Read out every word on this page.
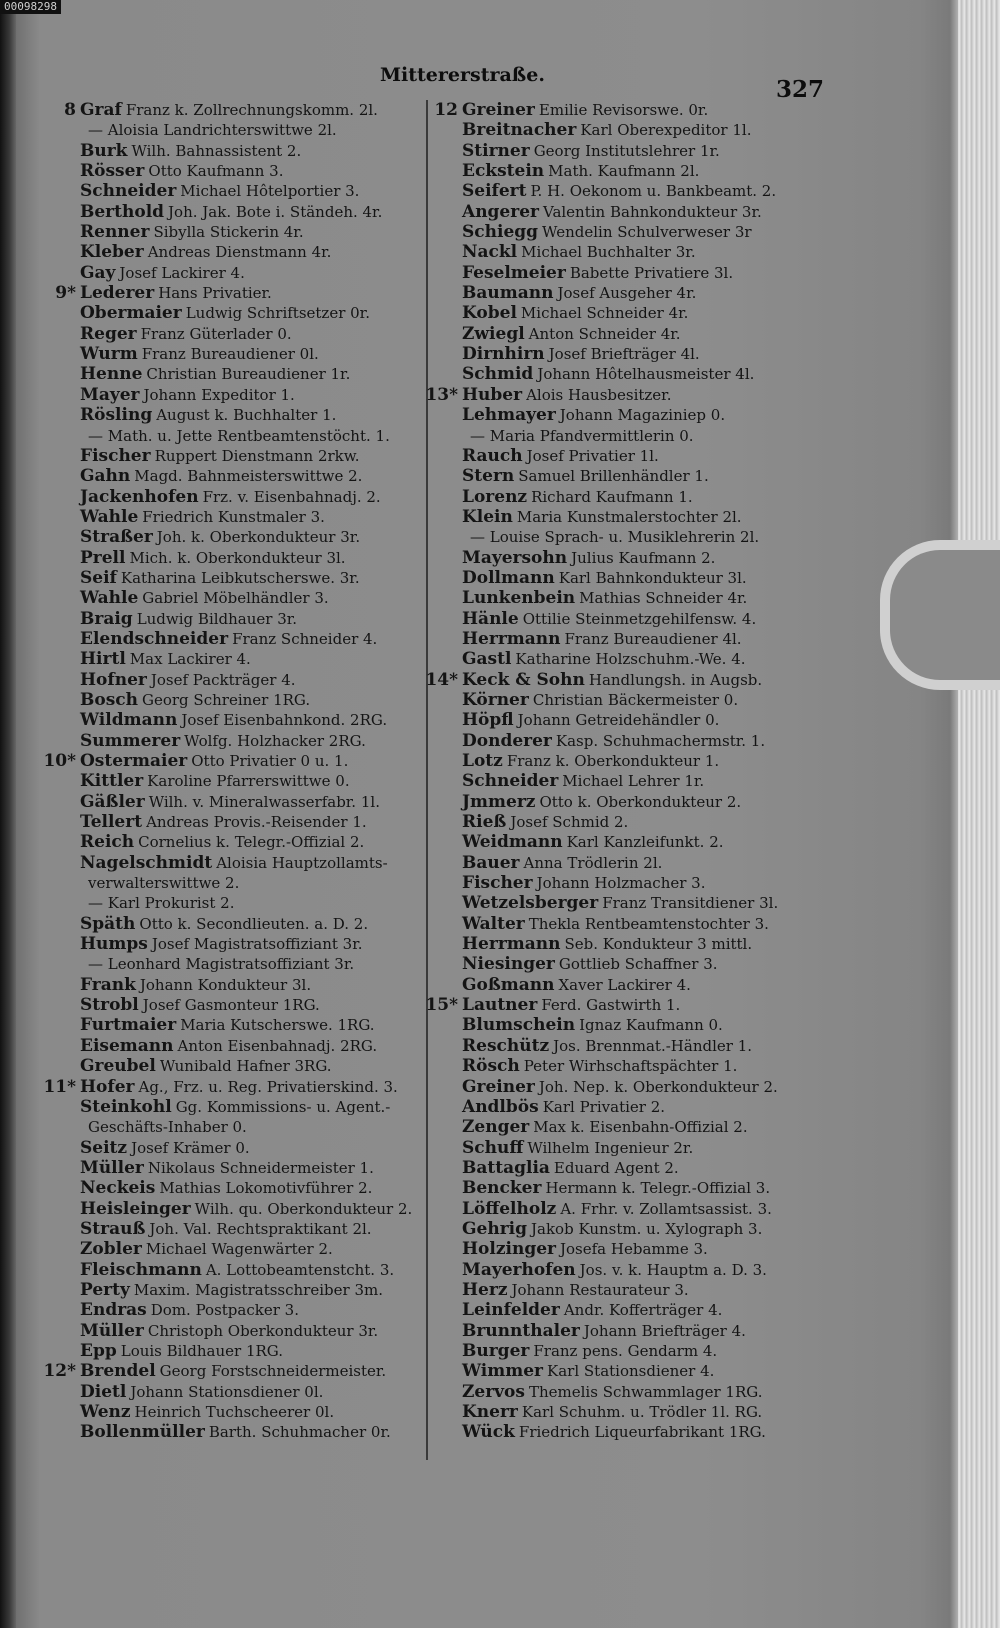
00098298
Mittererstraße.
327
8 Graf Franz k. Zollrechnungskomm. 2l.
— Aloisia Landrichterswittwe 2l.
Burk Wilh. Bahnassistent 2.
Rösser Otto Kaufmann 3.
Schneider Michael Hôtelportier 3.
Berthold Joh. Jak. Bote i. Ständeh. 4r.
Renner Sibylla Stickerin 4r.
Kleber Andreas Dienstmann 4r.
Gay Josef Lackirer 4.
9* Lederer Hans Privatier.
Obermaier Ludwig Schriftsetzer 0r.
Reger Franz Güterlader 0.
Wurm Franz Bureaudiener 0l.
Henne Christian Bureaudiener 1r.
Mayer Johann Expeditor 1.
Rösling August k. Buchhalter 1.
— Math. u. Jette Rentbeamtenstöcht. 1.
Fischer Ruppert Dienstmann 2rkw.
Gahn Magd. Bahnmeisterswittwe 2.
Jackenhofen Frz. v. Eisenbahnadj. 2.
Wahle Friedrich Kunstmaler 3.
Straßer Joh. k. Oberkondukteur 3r.
Prell Mich. k. Oberkondukteur 3l.
Seif Katharina Leibkutscherswe. 3r.
Wahle Gabriel Möbelhändler 3.
Braig Ludwig Bildhauer 3r.
Elendschneider Franz Schneider 4.
Hirtl Max Lackirer 4.
Hofner Josef Packträger 4.
Bosch Georg Schreiner 1RG.
Wildmann Josef Eisenbahnkond. 2RG.
Summerer Wolfg. Holzhacker 2RG.
10* Ostermaier Otto Privatier 0 u. 1.
Kittler Karoline Pfarrerswittwe 0.
Gäßler Wilh. v. Mineralwasserfabr. 1l.
Tellert Andreas Provis.-Reisender 1.
Reich Cornelius k. Telegr.-Offizial 2.
Nagelschmidt Aloisia Hauptzollamts-
verwalterswittwe 2.
— Karl Prokurist 2.
Späth Otto k. Secondlieuten. a. D. 2.
Humps Josef Magistratsoffiziant 3r.
— Leonhard Magistratsoffiziant 3r.
Frank Johann Kondukteur 3l.
Strobl Josef Gasmonteur 1RG.
Furtmaier Maria Kutscherswe. 1RG.
Eisemann Anton Eisenbahnadj. 2RG.
Greubel Wunibald Hafner 3RG.
11* Hofer Ag., Frz. u. Reg. Privatierskind. 3.
Steinkohl Gg. Kommissions- u. Agent.-
Geschäfts-Inhaber 0.
Seitz Josef Krämer 0.
Müller Nikolaus Schneidermeister 1.
Neckeis Mathias Lokomotivführer 2.
Heisleinger Wilh. qu. Oberkondukteur 2.
Strauß Joh. Val. Rechtspraktikant 2l.
Zobler Michael Wagenwärter 2.
Fleischmann A. Lottobeamtenstcht. 3.
Perty Maxim. Magistratsschreiber 3m.
Endras Dom. Postpacker 3.
Müller Christoph Oberkondukteur 3r.
Epp Louis Bildhauer 1RG.
12* Brendel Georg Forstschneidermeister.
Dietl Johann Stationsdiener 0l.
Wenz Heinrich Tuchscheerer 0l.
Bollenmüller Barth. Schuhmacher 0r.
12 Greiner Emilie Revisorswe. 0r.
Breitnacher Karl Oberexpeditor 1l.
Stirner Georg Institutslehrer 1r.
Eckstein Math. Kaufmann 2l.
Seifert P. H. Oekonom u. Bankbeamt. 2.
Angerer Valentin Bahnkondukteur 3r.
Schiegg Wendelin Schulverweser 3r
Nackl Michael Buchhalter 3r.
Feselmeier Babette Privatiere 3l.
Baumann Josef Ausgeher 4r.
Kobel Michael Schneider 4r.
Zwiegl Anton Schneider 4r.
Dirnhirn Josef Briefträger 4l.
Schmid Johann Hôtelhausmeister 4l.
13* Huber Alois Hausbesitzer.
Lehmayer Johann Magaziniер 0.
— Maria Pfandvermittlerin 0.
Rauch Josef Privatier 1l.
Stern Samuel Brillenhändler 1.
Lorenz Richard Kaufmann 1.
Klein Maria Kunstmalerstochter 2l.
— Louise Sprach- u. Musiklehrerin 2l.
Mayersohn Julius Kaufmann 2.
Dollmann Karl Bahnkondukteur 3l.
Lunkenbein Mathias Schneider 4r.
Hänle Ottilie Steinmetzgehilfensw. 4.
Herrmann Franz Bureaudiener 4l.
Gastl Katharine Holzschuhm.-We. 4.
14* Keck & Sohn Handlungsh. in Augsb.
Körner Christian Bäckermeister 0.
Höpfl Johann Getreidehändler 0.
Donderer Kasp. Schuhmachermstr. 1.
Lotz Franz k. Oberkondukteur 1.
Schneider Michael Lehrer 1r.
Jmmerz Otto k. Oberkondukteur 2.
Rieß Josef Schmid 2.
Weidmann Karl Kanzleifunkt. 2.
Bauer Anna Trödlerin 2l.
Fischer Johann Holzmacher 3.
Wetzelsberger Franz Transitdiener 3l.
Walter Thekla Rentbeamtenstochter 3.
Herrmann Seb. Kondukteur 3 mittl.
Niesinger Gottlieb Schaffner 3.
Goßmann Xaver Lackirer 4.
15* Lautner Ferd. Gastwirth 1.
Blumschein Ignaz Kaufmann 0.
Reschütz Jos. Brennmat.-Händler 1.
Rösch Peter Wirhschaftspächter 1.
Greiner Joh. Nep. k. Oberkondukteur 2.
Andlbös Karl Privatier 2.
Zenger Max k. Eisenbahn-Offizial 2.
Schuff Wilhelm Ingenieur 2r.
Battaglia Eduard Agent 2.
Bencker Hermann k. Telegr.-Offizial 3.
Löffelholz A. Frhr. v. Zollamtsassist. 3.
Gehrig Jakob Kunstm. u. Xylograph 3.
Holzinger Josefa Hebamme 3.
Mayerhofen Jos. v. k. Hauptm a. D. 3.
Herz Johann Restaurateur 3.
Leinfelder Andr. Kofferträger 4.
Brunnthaler Johann Briefträger 4.
Burger Franz pens. Gendarm 4.
Wimmer Karl Stationsdiener 4.
Zervos Themelis Schwammlager 1RG.
Knerr Karl Schuhm. u. Trödler 1l. RG.
Wück Friedrich Liqueurfabrikant 1RG.
